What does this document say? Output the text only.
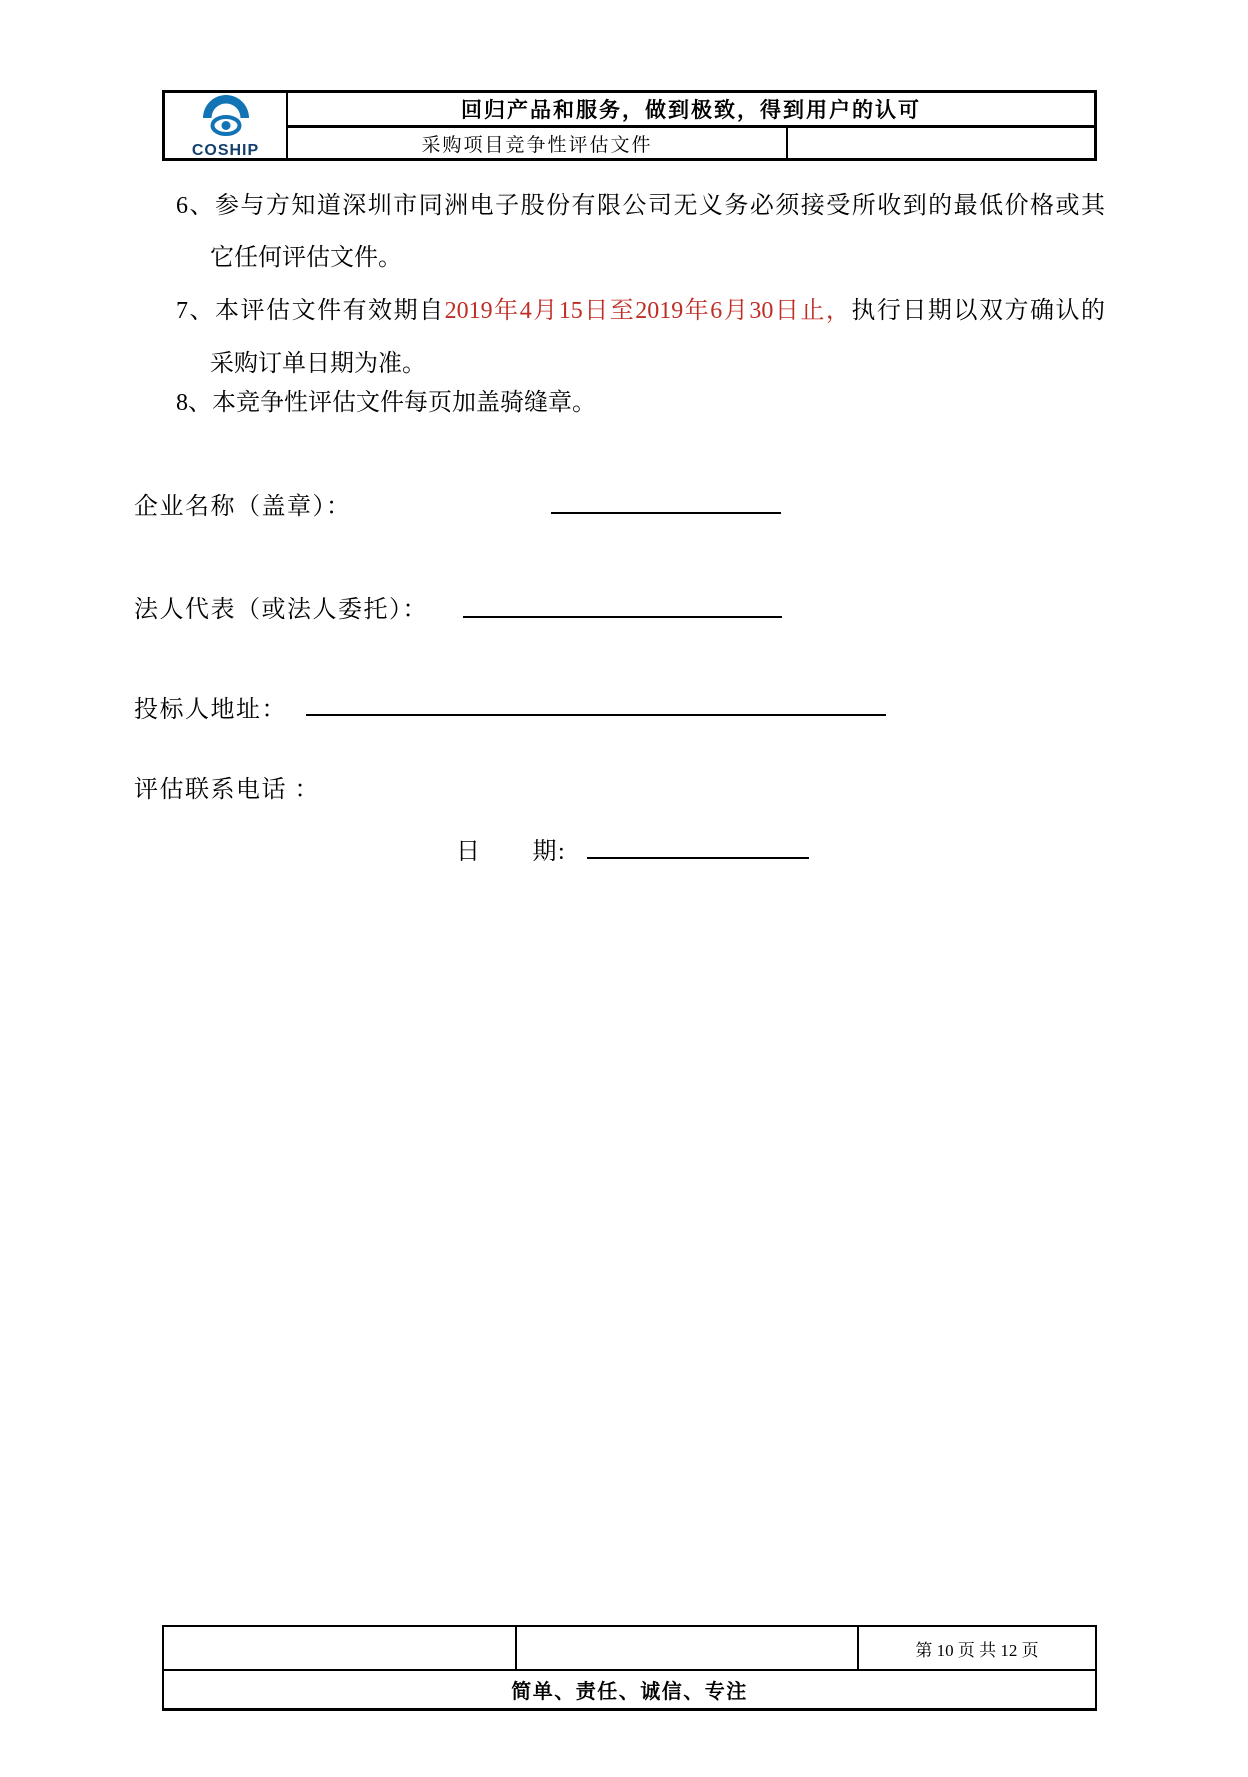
COSHIP
回归产品和服务，做到极致，得到用户的认可
采购项目竞争性评估文件
6、参与方知道深圳市同洲电子股份有限公司无义务必须接受所收到的最低价格或其
它任何评估文件。
7、本评估文件有效期自2019年4月15日至2019年6月30日止，执行日期以双方确认的
采购订单日期为准。
8、本竞争性评估文件每页加盖骑缝章。
企业名称（盖章）：
法人代表（或法人委托）：
投标人地址：
评估联系电话 ：
日　　期:
第 10 页 共 12 页
简单、责任、诚信、专注
